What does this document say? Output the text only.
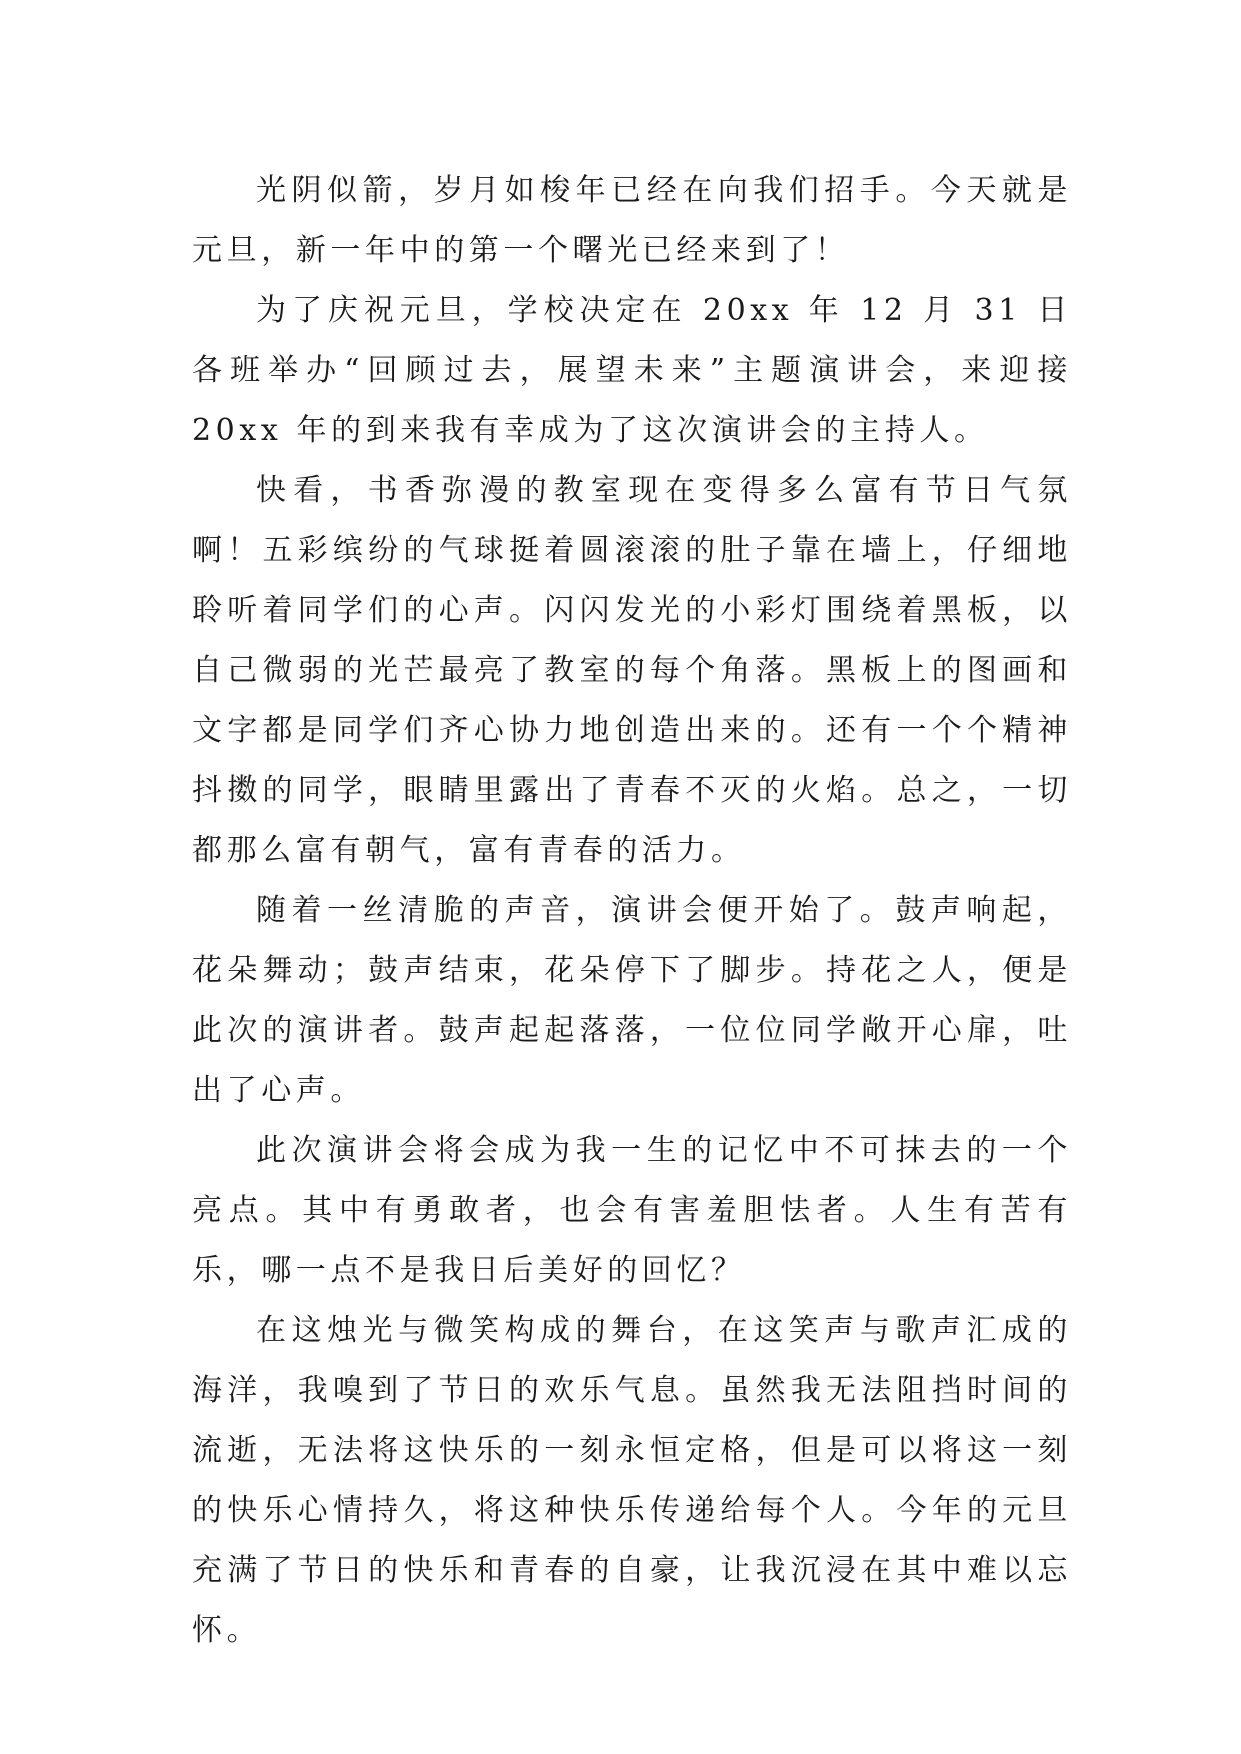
光阴似箭，岁月如梭年已经在向我们招手。今天就是元旦，新一年中的第一个曙光已经来到了！

为了庆祝元旦，学校决定在 20xx 年 12 月 31 日各班举办“回顾过去，展望未来”主题演讲会，来迎接 20xx 年的到来我有幸成为了这次演讲会的主持人。

快看，书香弥漫的教室现在变得多么富有节日气氛啊！五彩缤纷的气球挺着圆滚滚的肚子靠在墙上，仔细地聆听着同学们的心声。闪闪发光的小彩灯围绕着黑板，以自己微弱的光芒最亮了教室的每个角落。黑板上的图画和文字都是同学们齐心协力地创造出来的。还有一个个精神抖擞的同学，眼睛里露出了青春不灭的火焰。总之，一切都那么富有朝气，富有青春的活力。

随着一丝清脆的声音，演讲会便开始了。鼓声响起，花朵舞动；鼓声结束，花朵停下了脚步。持花之人，便是此次的演讲者。鼓声起起落落，一位位同学敞开心扉，吐出了心声。

此次演讲会将会成为我一生的记忆中不可抹去的一个亮点。其中有勇敢者，也会有害羞胆怯者。人生有苦有乐，哪一点不是我日后美好的回忆？

在这烛光与微笑构成的舞台，在这笑声与歌声汇成的海洋，我嗅到了节日的欢乐气息。虽然我无法阻挡时间的流逝，无法将这快乐的一刻永恒定格，但是可以将这一刻的快乐心情持久，将这种快乐传递给每个人。今年的元旦充满了节日的快乐和青春的自豪，让我沉浸在其中难以忘怀。
